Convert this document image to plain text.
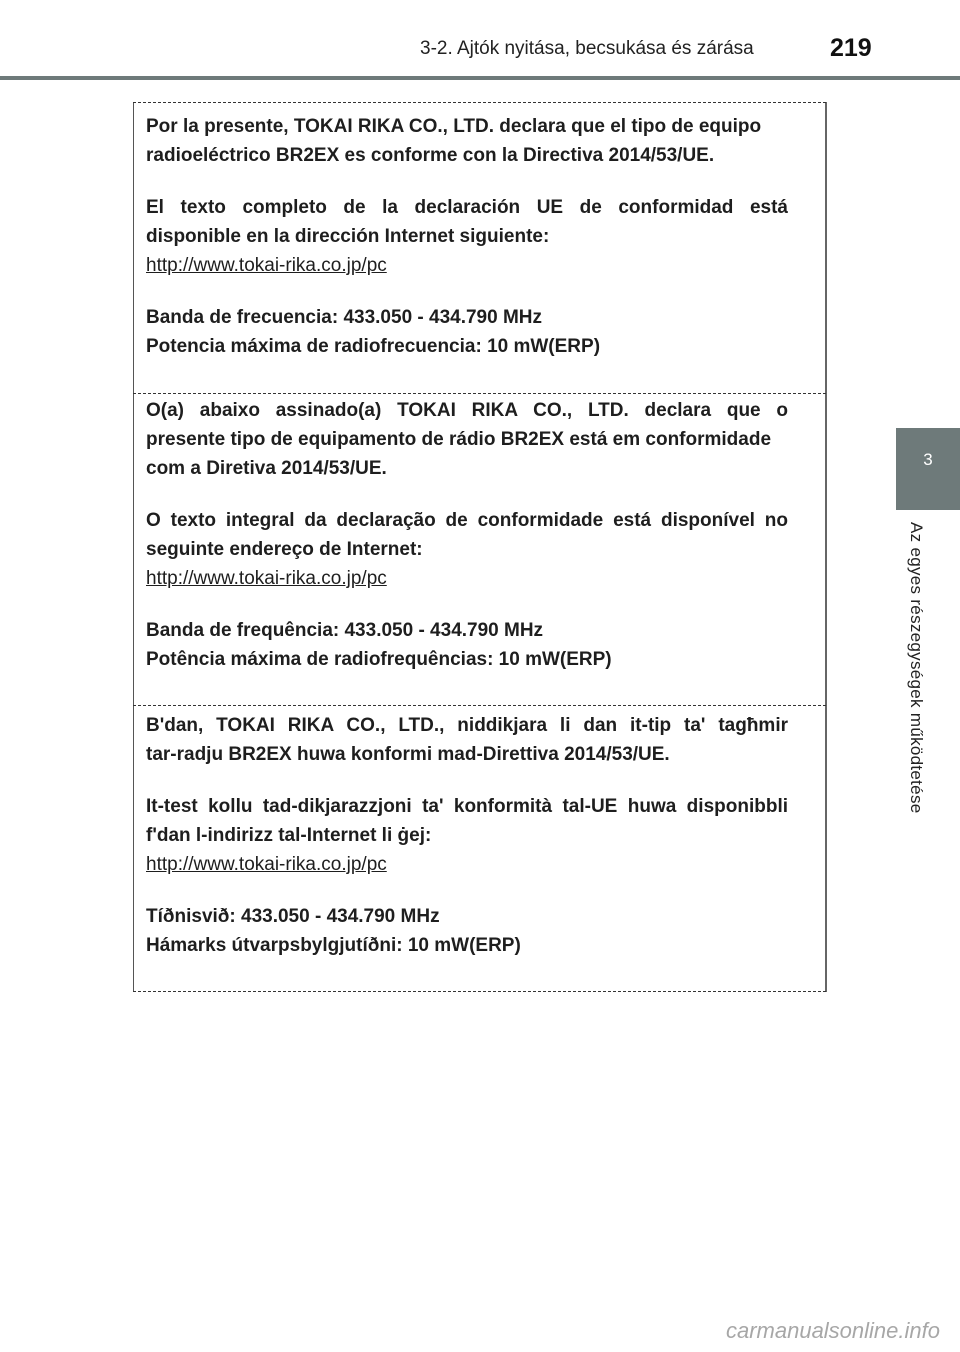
3-2. Ajtók nyitása, becsukása és zárása	219
3
Az egyes részegységek működtetése
Por la presente, TOKAI RIKA CO., LTD. declara que el tipo de equipo
radioeléctrico BR2EX es conforme con la Directiva 2014/53/UE.
El texto completo de la declaración UE de conformidad está
disponible en la dirección Internet siguiente:
http://www.tokai-rika.co.jp/pc
Banda de frecuencia: 433.050 - 434.790 MHz
Potencia máxima de radiofrecuencia: 10 mW(ERP)
O(a) abaixo assinado(a) TOKAI RIKA CO., LTD. declara que o
presente tipo de equipamento de rádio BR2EX está em conformidade
com a Diretiva 2014/53/UE.
O texto integral da declaração de conformidade está disponível no
seguinte endereço de Internet:
http://www.tokai-rika.co.jp/pc
Banda de frequência: 433.050 - 434.790 MHz
Potência máxima de radiofrequências: 10 mW(ERP)
B'dan, TOKAI RIKA CO., LTD., niddikjara li dan it-tip ta' tagħmir
tar-radju BR2EX huwa konformi mad-Direttiva 2014/53/UE.
It-test kollu tad-dikjarazzjoni ta' konformità tal-UE huwa disponibbli
f'dan l-indirizz tal-Internet li ġej:
http://www.tokai-rika.co.jp/pc
Tíðnisvið: 433.050 - 434.790 MHz
Hámarks útvarpsbylgjutíðni: 10 mW(ERP)
carmanualsonline.info
